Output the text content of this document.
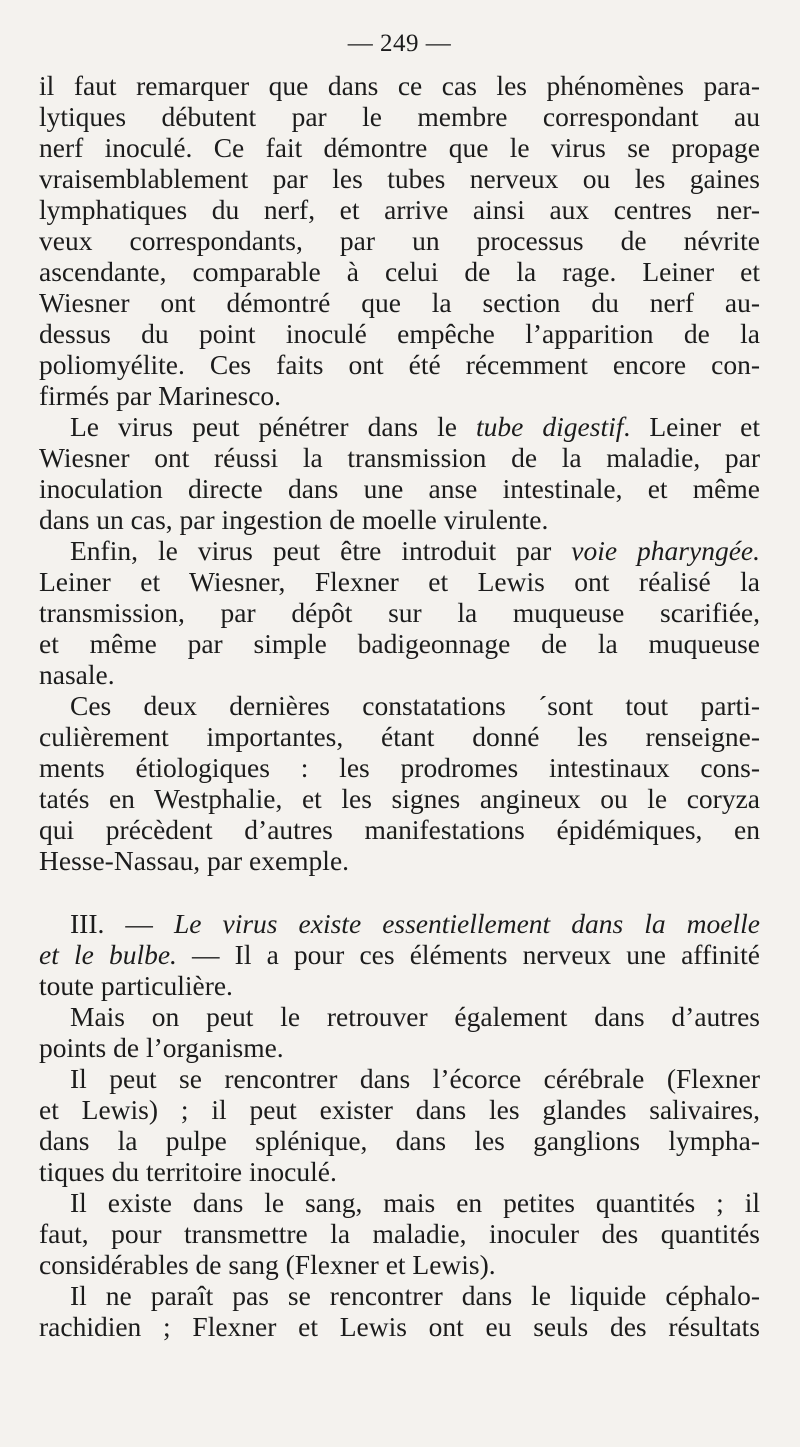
— 249 —
il faut remarquer que dans ce cas les phénomènes para-
lytiques débutent par le membre correspondant au
nerf inoculé. Ce fait démontre que le virus se propage
vraisemblablement par les tubes nerveux ou les gaines
lymphatiques du nerf, et arrive ainsi aux centres ner-
veux correspondants, par un processus de névrite
ascendante, comparable à celui de la rage. Leiner et
Wiesner ont démontré que la section du nerf au-
dessus du point inoculé empêche l’apparition de la
poliomyélite. Ces faits ont été récemment encore con-
firmés par Marinesco.
Le virus peut pénétrer dans le tube digestif. Leiner et
Wiesner ont réussi la transmission de la maladie, par
inoculation directe dans une anse intestinale, et même
dans un cas, par ingestion de moelle virulente.
Enfin, le virus peut être introduit par voie pharyngée.
Leiner et Wiesner, Flexner et Lewis ont réalisé la
transmission, par dépôt sur la muqueuse scarifiée,
et même par simple badigeonnage de la muqueuse
nasale.
Ces deux dernières constatations ´sont tout parti-
culièrement importantes, étant donné les renseigne-
ments étiologiques : les prodromes intestinaux cons-
tatés en Westphalie, et les signes angineux ou le coryza
qui précèdent d’autres manifestations épidémiques, en
Hesse-Nassau, par exemple.
III. — Le virus existe essentiellement dans la moelle
et le bulbe. — Il a pour ces éléments nerveux une affinité
toute particulière.
Mais on peut le retrouver également dans d’autres
points de l’organisme.
Il peut se rencontrer dans l’écorce cérébrale (Flexner
et Lewis) ; il peut exister dans les glandes salivaires,
dans la pulpe splénique, dans les ganglions lympha-
tiques du territoire inoculé.
Il existe dans le sang, mais en petites quantités ; il
faut, pour transmettre la maladie, inoculer des quantités
considérables de sang (Flexner et Lewis).
Il ne paraît pas se rencontrer dans le liquide céphalo-
rachidien ; Flexner et Lewis ont eu seuls des résultats
